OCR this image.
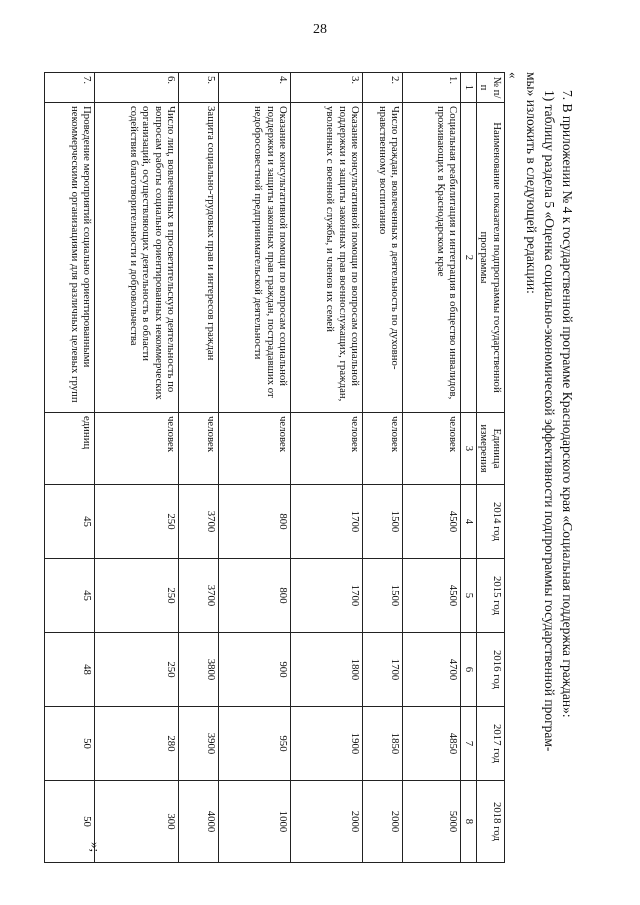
28
7. В приложении № 4 к государственной программе Краснодарского края «Социальная поддержка граждан»:
1) таблицу раздела 5 «Оценка социально-экономической эффективности подпрограммы государственной програм-
мы» изложить в следующей редакции:
«
№ п/п	Наименование показателя подпрограммы государственной программы	Единица измерения	2014 год	2015 год	2016 год	2017 год	2018 год
1	2	3	4	5	6	7	8
1.	Социальная реабилитация и интеграция в общество инвалидов, проживающих в Краснодарском крае	человек	4500	4500	4700	4850	5000
2.	Число граждан, вовлеченных в деятельность по духовно-нравственному воспитанию	человек	1500	1500	1700	1850	2000
3.	Оказание консультативной помощи по вопросам социальной поддержки и защиты законных прав военнослужащих, граждан, уволенных с военной службы, и членов их семей	человек	1700	1700	1800	1900	2000
4.	Оказание консультативной помощи по вопросам социальной поддержки и защиты законных прав граждан, пострадавших от недобросовестной предпринимательской деятельности	человек	800	800	900	950	1000
5.	Защита социально-трудовых прав и интересов граждан	человек	3700	3700	3800	3900	4000
6.	Число лиц, вовлеченных в просветительскую деятельность по вопросам работы социально ориентированных некоммерческих организаций, осуществляющих деятельность в области содействия благотворительности и добровольчества	человек	250	250	250	280	300
7.	Проведение мероприятий социально ориентированными некоммерческими организациями для различных целевых групп	единиц	45	45	48	50	50
»;
